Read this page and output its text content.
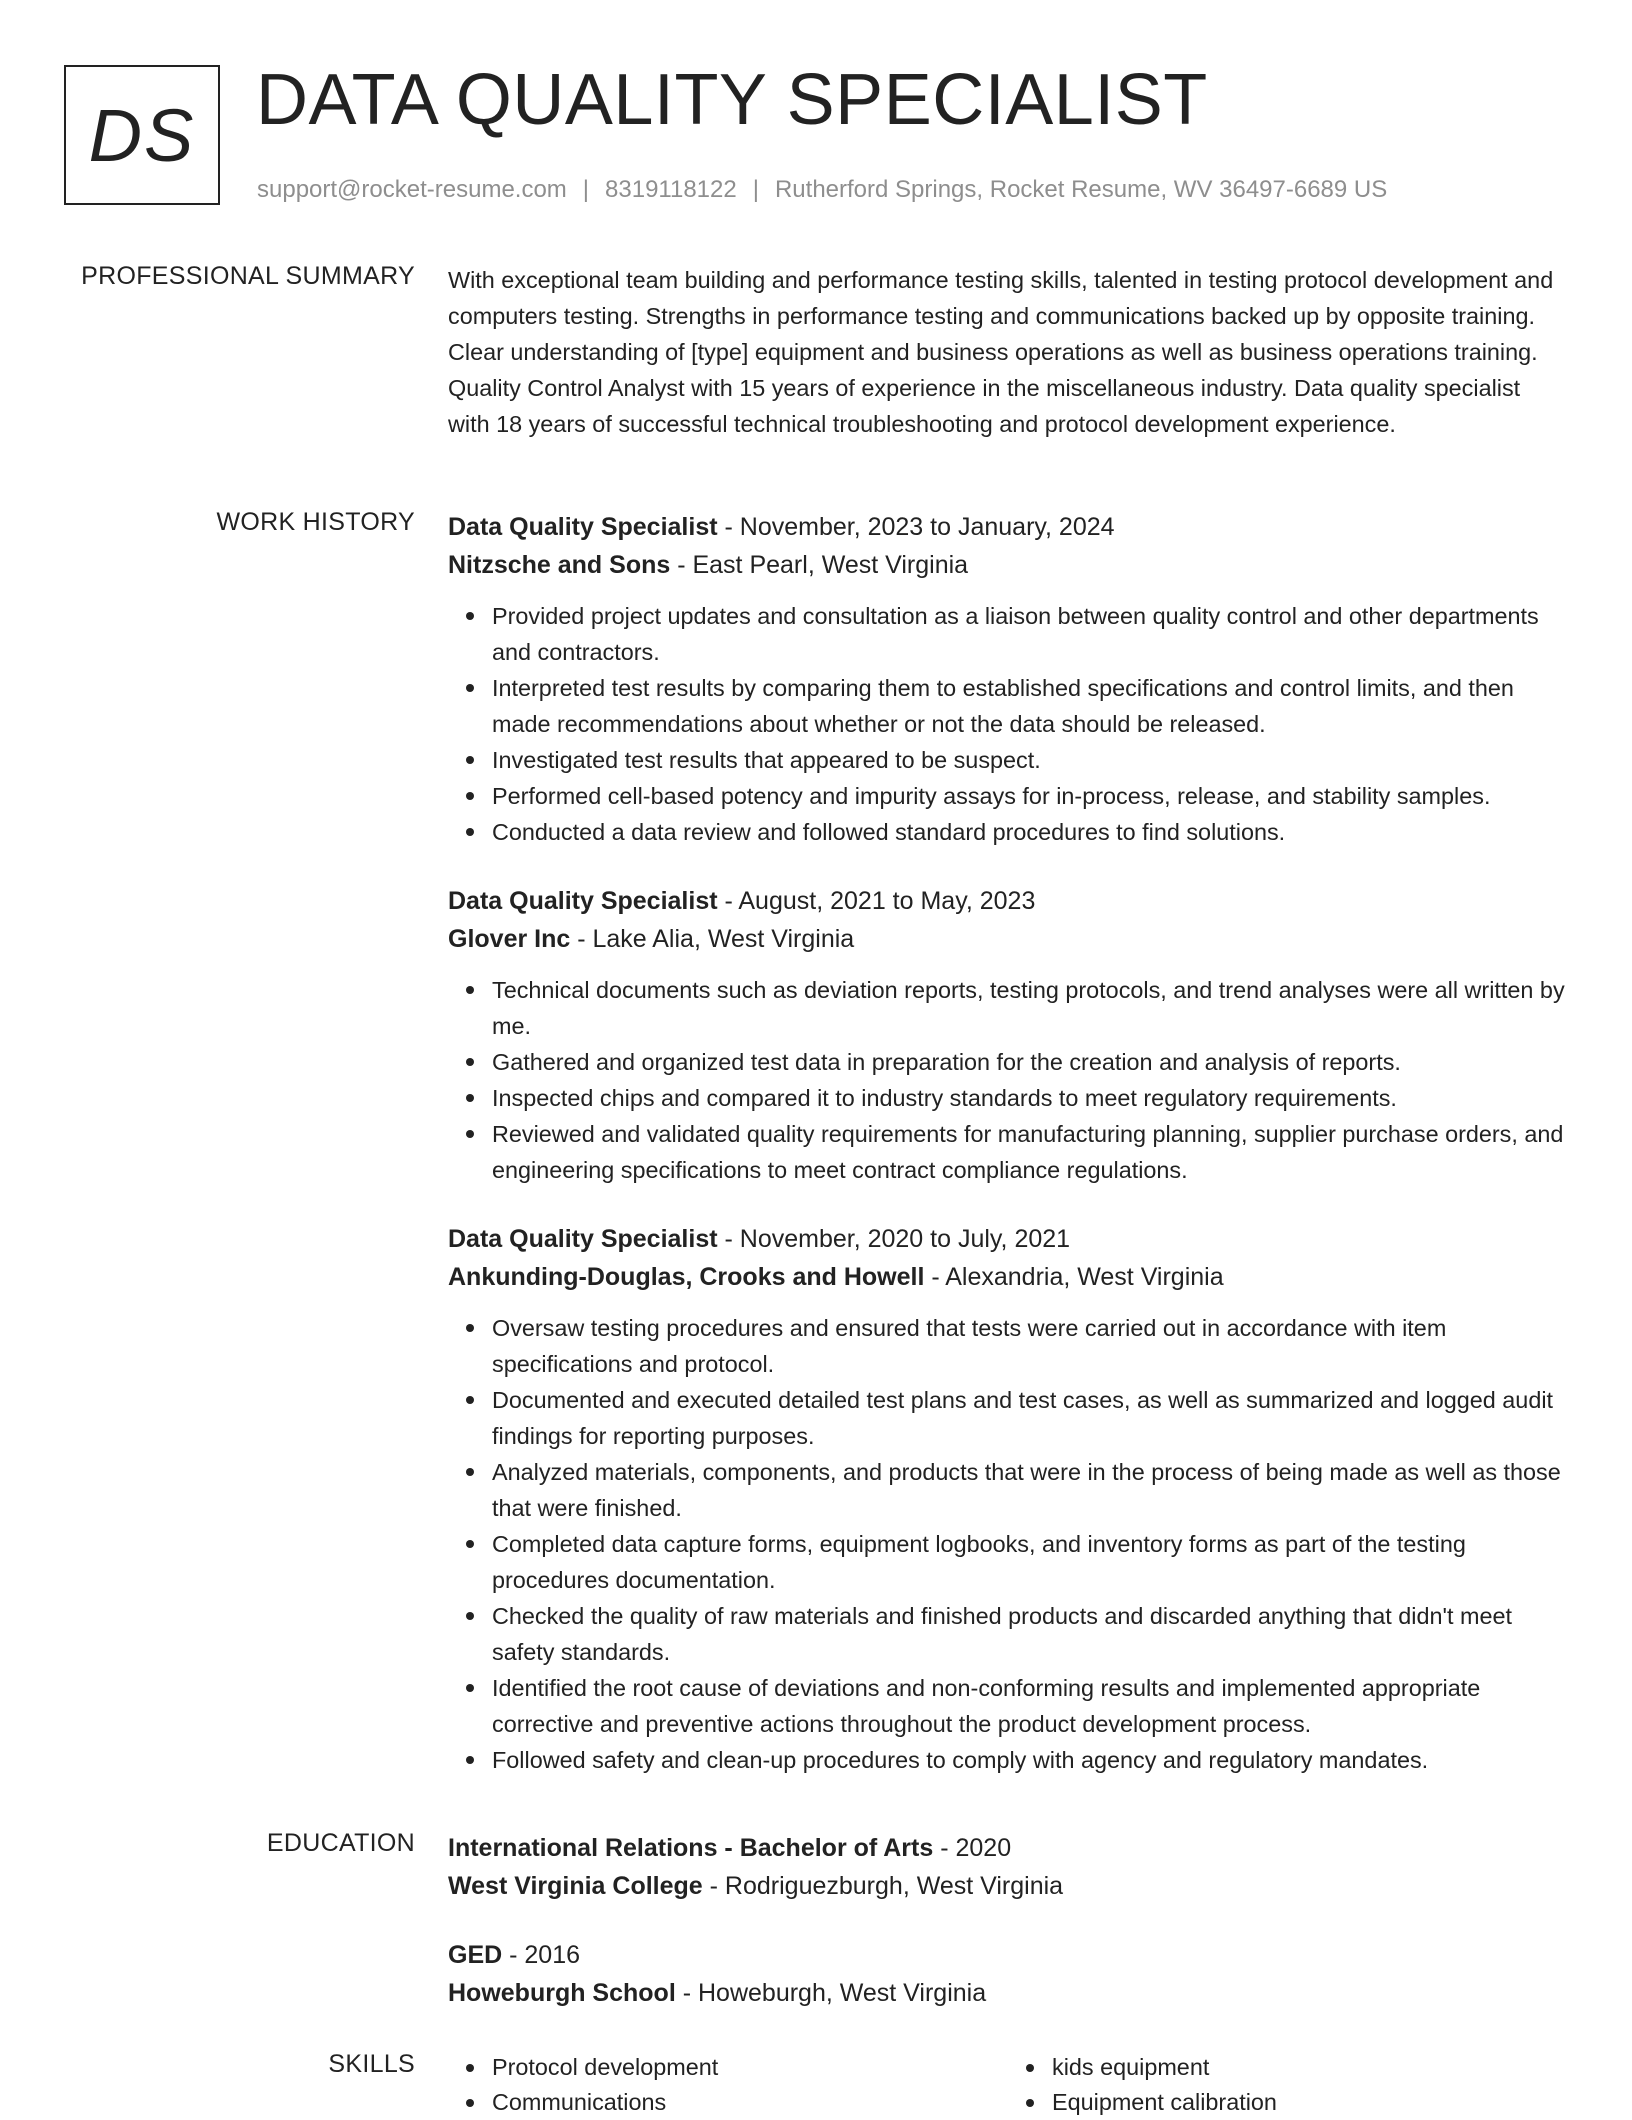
DS DATA QUALITY SPECIALIST
support@rocket-resume.com | 8319118122 | Rutherford Springs, Rocket Resume, WV 36497-6689 US
PROFESSIONAL SUMMARY With exceptional team building and performance testing skills, talented in testing protocol development and computers testing. Strengths in performance testing and communications backed up by opposite training. Clear understanding of [type] equipment and business operations as well as business operations training. Quality Control Analyst with 15 years of experience in the miscellaneous industry. Data quality specialist with 18 years of successful technical troubleshooting and protocol development experience.

WORK HISTORY Data Quality Specialist - November, 2023 to January, 2024

Nitzsche and Sons - East Pearl, West Virginia

Provided project updates and consultation as a liaison between quality control and other departments and contractors.
Interpreted test results by comparing them to established specifications and control limits, and then made recommendations about whether or not the data should be released.
Investigated test results that appeared to be suspect.
Performed cell-based potency and impurity assays for in-process, release, and stability samples.
Conducted a data review and followed standard procedures to find solutions.

Data Quality Specialist - August, 2021 to May, 2023

Glover Inc - Lake Alia, West Virginia

Technical documents such as deviation reports, testing protocols, and trend analyses were all written by me.
Gathered and organized test data in preparation for the creation and analysis of reports.
Inspected chips and compared it to industry standards to meet regulatory requirements.
Reviewed and validated quality requirements for manufacturing planning, supplier purchase orders, and engineering specifications to meet contract compliance regulations.

Data Quality Specialist - November, 2020 to July, 2021

Ankunding-Douglas, Crooks and Howell - Alexandria, West Virginia

Oversaw testing procedures and ensured that tests were carried out in accordance with item specifications and protocol.
Documented and executed detailed test plans and test cases, as well as summarized and logged audit findings for reporting purposes.
Analyzed materials, components, and products that were in the process of being made as well as those that were finished.
Completed data capture forms, equipment logbooks, and inventory forms as part of the testing procedures documentation.
Checked the quality of raw materials and finished products and discarded anything that didn't meet safety standards.
Identified the root cause of deviations and non-conforming results and implemented appropriate corrective and preventive actions throughout the product development process.
Followed safety and clean-up procedures to comply with agency and regulatory mandates.
EDUCATION International Relations - Bachelor of Arts - 2020

West Virginia College - Rodriguezburgh, West Virginia

GED - 2016

Howeburgh School - Howeburgh, West Virginia

SKILLS	Protocol development
Communications
kids equipment
Equipment calibration
